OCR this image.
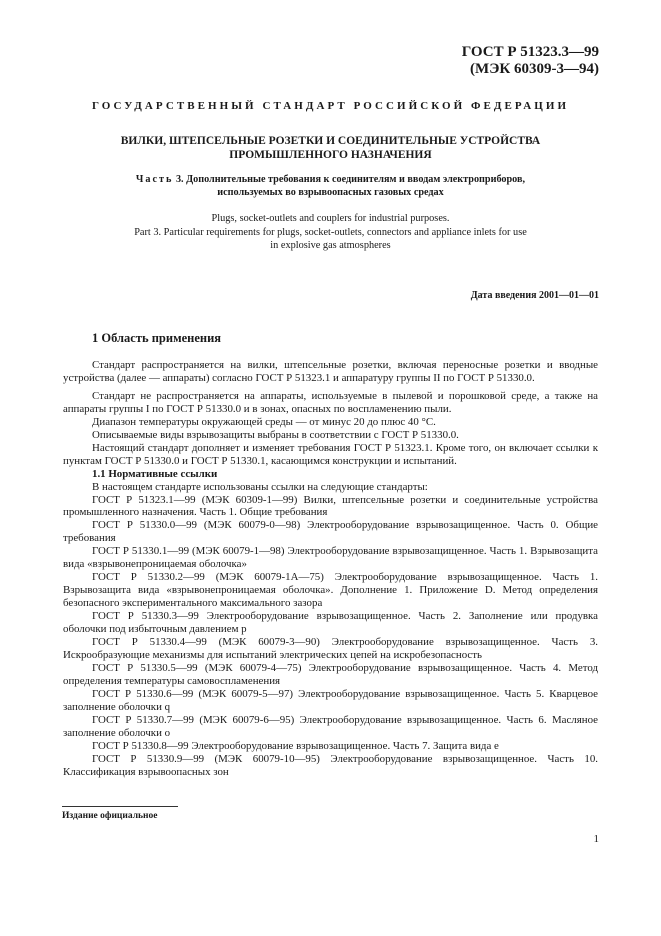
ГОСТ Р 51323.3—99
(МЭК 60309-3—94)
ГОСУДАРСТВЕННЫЙ СТАНДАРТ РОССИЙСКОЙ ФЕДЕРАЦИИ
ВИЛКИ, ШТЕПСЕЛЬНЫЕ РОЗЕТКИ И СОЕДИНИТЕЛЬНЫЕ УСТРОЙСТВА
ПРОМЫШЛЕННОГО НАЗНАЧЕНИЯ
Часть 3. Дополнительные требования к соединителям и вводам электроприборов,
используемых во взрывоопасных газовых средах
Plugs, socket-outlets and couplers for industrial purposes.
Part 3. Particular requirements for plugs, socket-outlets, connectors and appliance inlets for use
in explosive gas atmospheres
Дата введения 2001—01—01
1 Область применения

Стандарт распространяется на вилки, штепсельные розетки, включая переносные розетки и вводные устройства (далее — аппараты) согласно ГОСТ Р 51323.1 и аппаратуру группы II по ГОСТ Р 51330.0.

Стандарт не распространяется на аппараты, используемые в пылевой и порошковой среде, а также на аппараты группы I по ГОСТ Р 51330.0 и в зонах, опасных по воспламенению пыли.

Диапазон температуры окружающей среды — от минус 20 до плюс 40 °С.

Описываемые виды взрывозащиты выбраны в соответствии с ГОСТ Р 51330.0.

Настоящий стандарт дополняет и изменяет требования ГОСТ Р 51323.1. Кроме того, он включает ссылки к пунктам ГОСТ Р 51330.0 и ГОСТ Р 51330.1, касающимся конструкции и испытаний.

1.1 Нормативные ссылки

В настоящем стандарте использованы ссылки на следующие стандарты:

ГОСТ Р 51323.1—99 (МЭК 60309-1—99) Вилки, штепсельные розетки и соединительные устройства промышленного назначения. Часть 1. Общие требования

ГОСТ Р 51330.0—99 (МЭК 60079-0—98) Электрооборудование взрывозащищенное. Часть 0. Общие требования

ГОСТ Р 51330.1—99 (МЭК 60079-1—98) Электрооборудование взрывозащищенное. Часть 1. Взрывозащита вида «взрывонепроницаемая оболочка»

ГОСТ Р 51330.2—99 (МЭК 60079-1А—75) Электрооборудование взрывозащищенное. Часть 1. Взрывозащита вида «взрывонепроницаемая оболочка». Дополнение 1. Приложение D. Метод определения безопасного экспериментального максимального зазора

ГОСТ Р 51330.3—99 Электрооборудование взрывозащищенное. Часть 2. Заполнение или продувка оболочки под избыточным давлением р

ГОСТ Р 51330.4—99 (МЭК 60079-3—90) Электрооборудование взрывозащищенное. Часть 3. Искрообразующие механизмы для испытаний электрических цепей на искробезопасность

ГОСТ Р 51330.5—99 (МЭК 60079-4—75) Электрооборудование взрывозащищенное. Часть 4. Метод определения температуры самовоспламенения

ГОСТ Р 51330.6—99 (МЭК 60079-5—97) Электрооборудование взрывозащищенное. Часть 5. Кварцевое заполнение оболочки q

ГОСТ Р 51330.7—99 (МЭК 60079-6—95) Электрооборудование взрывозащищенное. Часть 6. Масляное заполнение оболочки о

ГОСТ Р 51330.8—99 Электрооборудование взрывозащищенное. Часть 7. Защита вида е

ГОСТ Р 51330.9—99 (МЭК 60079-10—95) Электрооборудование взрывозащищенное. Часть 10. Классификация взрывоопасных зон

Издание официальное
1
